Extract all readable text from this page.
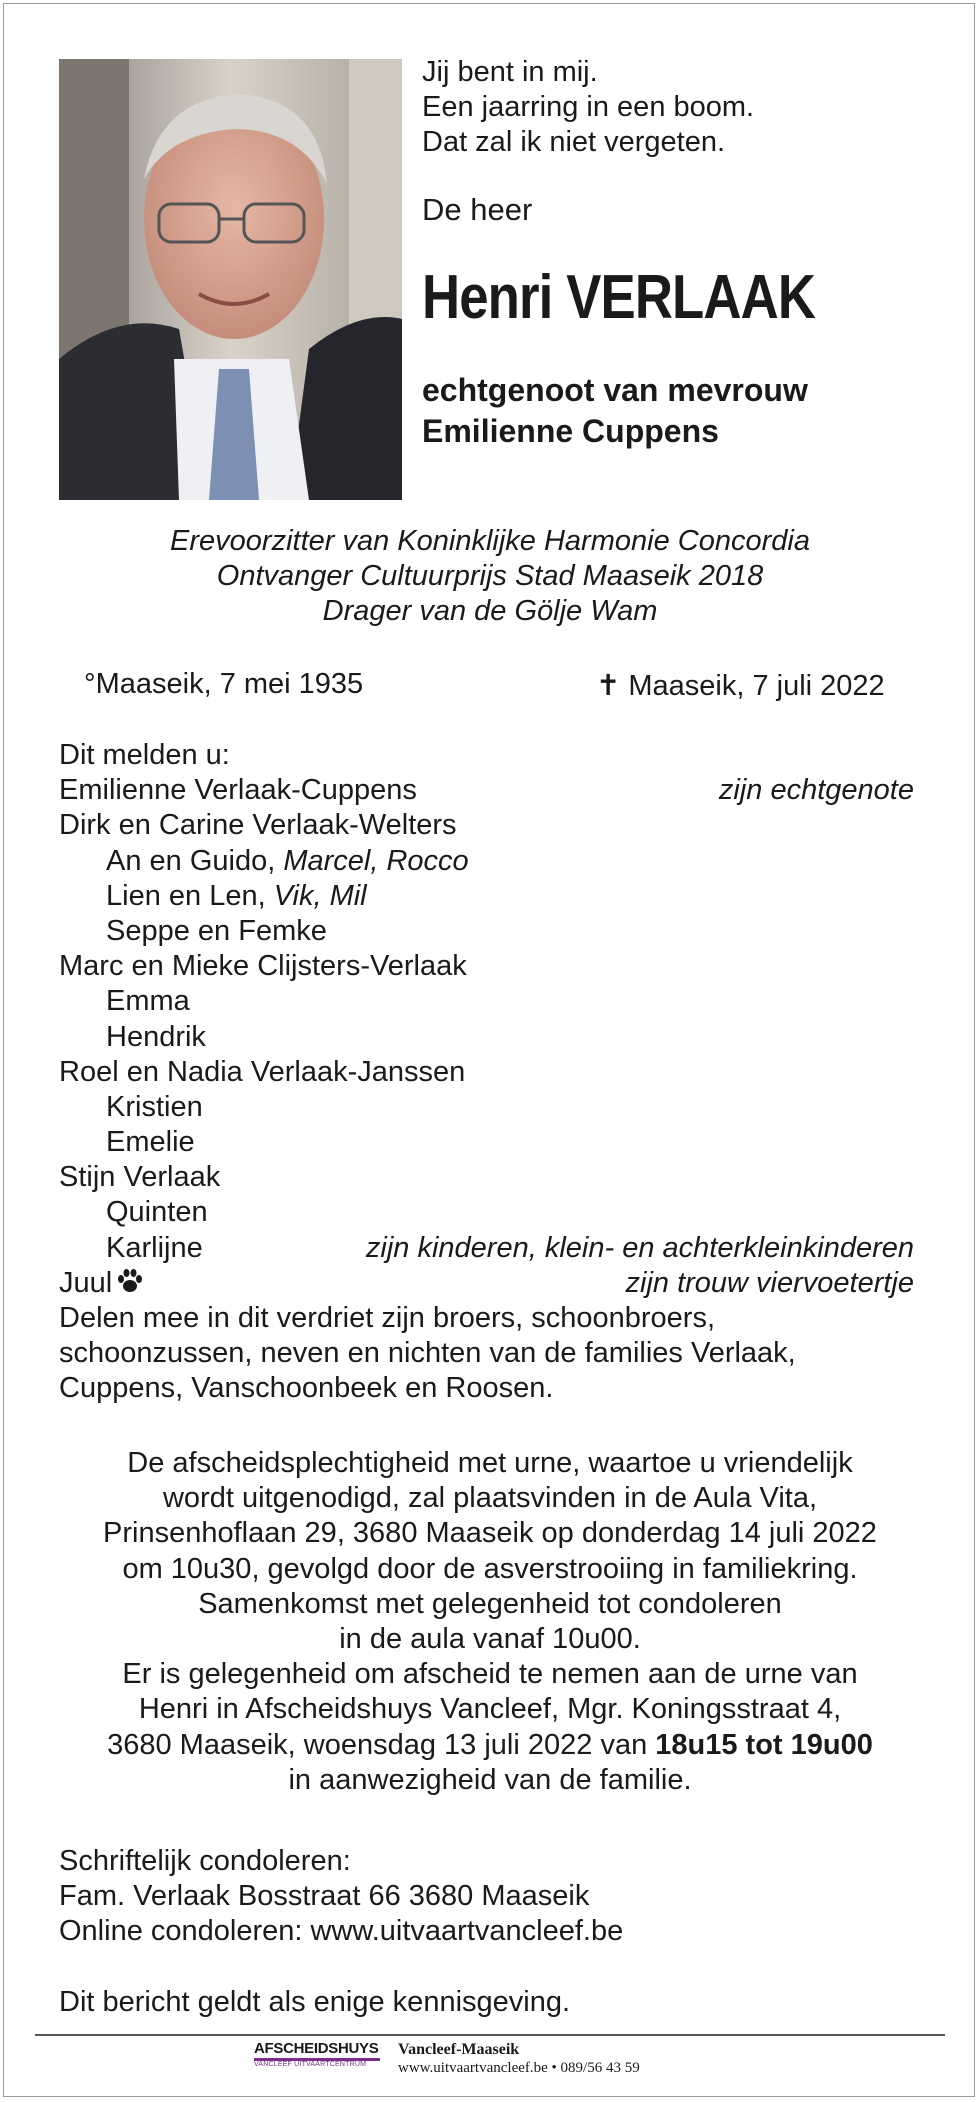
Jij bent in mij.
Een jaarring in een boom.
Dat zal ik niet vergeten.
De heer
Henri VERLAAK
echtgenoot van mevrouw
Emilienne Cuppens
Erevoorzitter van Koninklijke Harmonie Concordia
Ontvanger Cultuurprijs Stad Maaseik 2018
Drager van de Gölje Wam
°Maaseik, 7 mei 1935	✝ Maaseik, 7 juli 2022
Dit melden u:
Emilienne Verlaak-Cuppens	zijn echtgenote
Dirk en Carine Verlaak-Welters
An en Guido, Marcel, Rocco
Lien en Len, Vik, Mil
Seppe en Femke
Marc en Mieke Clijsters-Verlaak
Emma
Hendrik
Roel en Nadia Verlaak-Janssen
Kristien
Emelie
Stijn Verlaak
Quinten
Karlijne	zijn kinderen, klein- en achterkleinkinderen
Juul	zijn trouw viervoetertje
Delen mee in dit verdriet zijn broers, schoonbroers,
schoonzussen, neven en nichten van de families Verlaak,
Cuppens, Vanschoonbeek en Roosen.
De afscheidsplechtigheid met urne, waartoe u vriendelijk
wordt uitgenodigd, zal plaatsvinden in de Aula Vita,
Prinsenhoflaan 29, 3680 Maaseik op donderdag 14 juli 2022
om 10u30, gevolgd door de asverstrooiing in familiekring.
Samenkomst met gelegenheid tot condoleren
in de aula vanaf 10u00.
Er is gelegenheid om afscheid te nemen aan de urne van
Henri in Afscheidshuys Vancleef, Mgr. Koningsstraat 4,
3680 Maaseik, woensdag 13 juli 2022 van 18u15 tot 19u00
in aanwezigheid van de familie.
Schriftelijk condoleren:
Fam. Verlaak Bosstraat 66 3680 Maaseik
Online condoleren: www.uitvaartvancleef.be
Dit bericht geldt als enige kennisgeving.
AFSCHEIDSHUYS
VANCLEEF UITVAARTCENTRUM
Vancleef-Maaseik
www.uitvaartvancleef.be • 089/56 43 59
